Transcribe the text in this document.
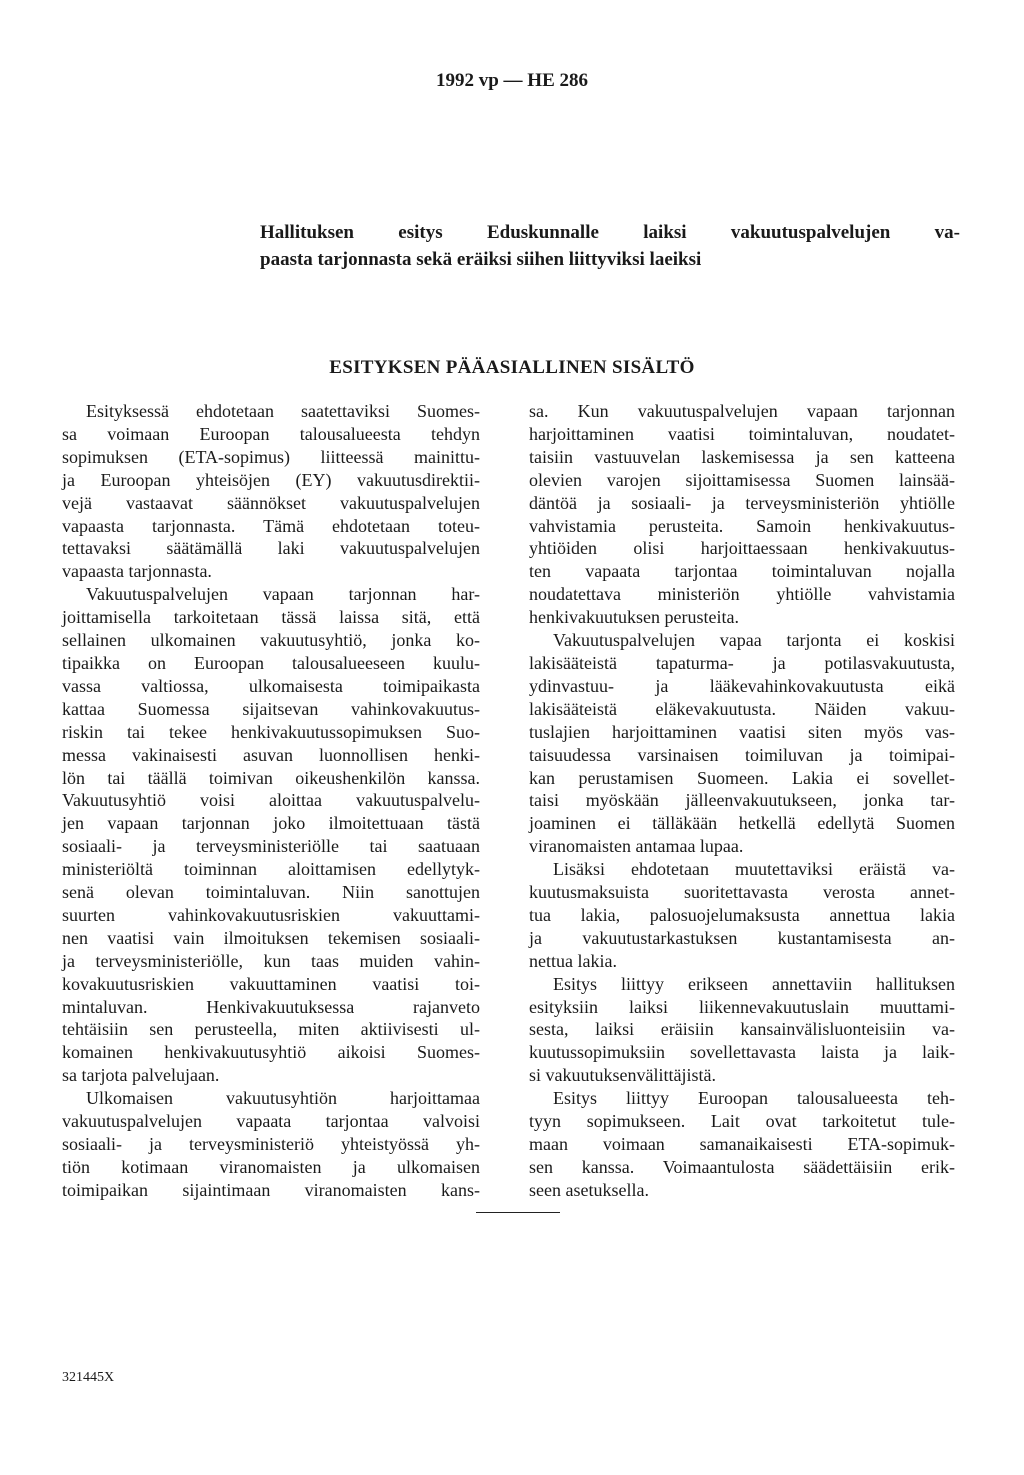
1992 vp — HE 286
Hallituksen esitys Eduskunnalle laiksi vakuutuspalvelujen va-
paasta tarjonnasta sekä eräiksi siihen liittyviksi laeiksi
ESITYKSEN PÄÄASIALLINEN SISÄLTÖ
Esityksessä ehdotetaan saatettaviksi Suomes-
sa voimaan Euroopan talousalueesta tehdyn
sopimuksen (ETA-sopimus) liitteessä mainittu-
ja Euroopan yhteisöjen (EY) vakuutusdirektii-
vejä vastaavat säännökset vakuutuspalvelujen
vapaasta tarjonnasta. Tämä ehdotetaan toteu-
tettavaksi säätämällä laki vakuutuspalvelujen
vapaasta tarjonnasta.
Vakuutuspalvelujen vapaan tarjonnan har-
joittamisella tarkoitetaan tässä laissa sitä, että
sellainen ulkomainen vakuutusyhtiö, jonka ko-
tipaikka on Euroopan talousalueeseen kuulu-
vassa valtiossa, ulkomaisesta toimipaikasta
kattaa Suomessa sijaitsevan vahinkovakuutus-
riskin tai tekee henkivakuutussopimuksen Suo-
messa vakinaisesti asuvan luonnollisen henki-
lön tai täällä toimivan oikeushenkilön kanssa.
Vakuutusyhtiö voisi aloittaa vakuutuspalvelu-
jen vapaan tarjonnan joko ilmoitettuaan tästä
sosiaali- ja terveysministeriölle tai saatuaan
ministeriöltä toiminnan aloittamisen edellytyk-
senä olevan toimintaluvan. Niin sanottujen
suurten vahinkovakuutusriskien vakuuttami-
nen vaatisi vain ilmoituksen tekemisen sosiaali-
ja terveysministeriölle, kun taas muiden vahin-
kovakuutusriskien vakuuttaminen vaatisi toi-
mintaluvan. Henkivakuutuksessa rajanveto
tehtäisiin sen perusteella, miten aktiivisesti ul-
komainen henkivakuutusyhtiö aikoisi Suomes-
sa tarjota palvelujaan.
Ulkomaisen vakuutusyhtiön harjoittamaa
vakuutuspalvelujen vapaata tarjontaa valvoisi
sosiaali- ja terveysministeriö yhteistyössä yh-
tiön kotimaan viranomaisten ja ulkomaisen
toimipaikan sijaintimaan viranomaisten kans-
sa. Kun vakuutuspalvelujen vapaan tarjonnan
harjoittaminen vaatisi toimintaluvan, noudatet-
taisiin vastuuvelan laskemisessa ja sen katteena
olevien varojen sijoittamisessa Suomen lainsää-
däntöä ja sosiaali- ja terveysministeriön yhtiölle
vahvistamia perusteita. Samoin henkivakuutus-
yhtiöiden olisi harjoittaessaan henkivakuutus-
ten vapaata tarjontaa toimintaluvan nojalla
noudatettava ministeriön yhtiölle vahvistamia
henkivakuutuksen perusteita.
Vakuutuspalvelujen vapaa tarjonta ei koskisi
lakisääteistä tapaturma- ja potilasvakuutusta,
ydinvastuu- ja lääkevahinkovakuutusta eikä
lakisääteistä eläkevakuutusta. Näiden vakuu-
tuslajien harjoittaminen vaatisi siten myös vas-
taisuudessa varsinaisen toimiluvan ja toimipai-
kan perustamisen Suomeen. Lakia ei sovellet-
taisi myöskään jälleenvakuutukseen, jonka tar-
joaminen ei tälläkään hetkellä edellytä Suomen
viranomaisten antamaa lupaa.
Lisäksi ehdotetaan muutettaviksi eräistä va-
kuutusmaksuista suoritettavasta verosta annet-
tua lakia, palosuojelumaksusta annettua lakia
ja vakuutustarkastuksen kustantamisesta an-
nettua lakia.
Esitys liittyy erikseen annettaviin hallituksen
esityksiin laiksi liikennevakuutuslain muuttami-
sesta, laiksi eräisiin kansainvälisluonteisiin va-
kuutussopimuksiin sovellettavasta laista ja laik-
si vakuutuksenvälittäjistä.
Esitys liittyy Euroopan talousalueesta teh-
tyyn sopimukseen. Lait ovat tarkoitetut tule-
maan voimaan samanaikaisesti ETA-sopimuk-
sen kanssa. Voimaantulosta säädettäisiin erik-
seen asetuksella.
321445X
